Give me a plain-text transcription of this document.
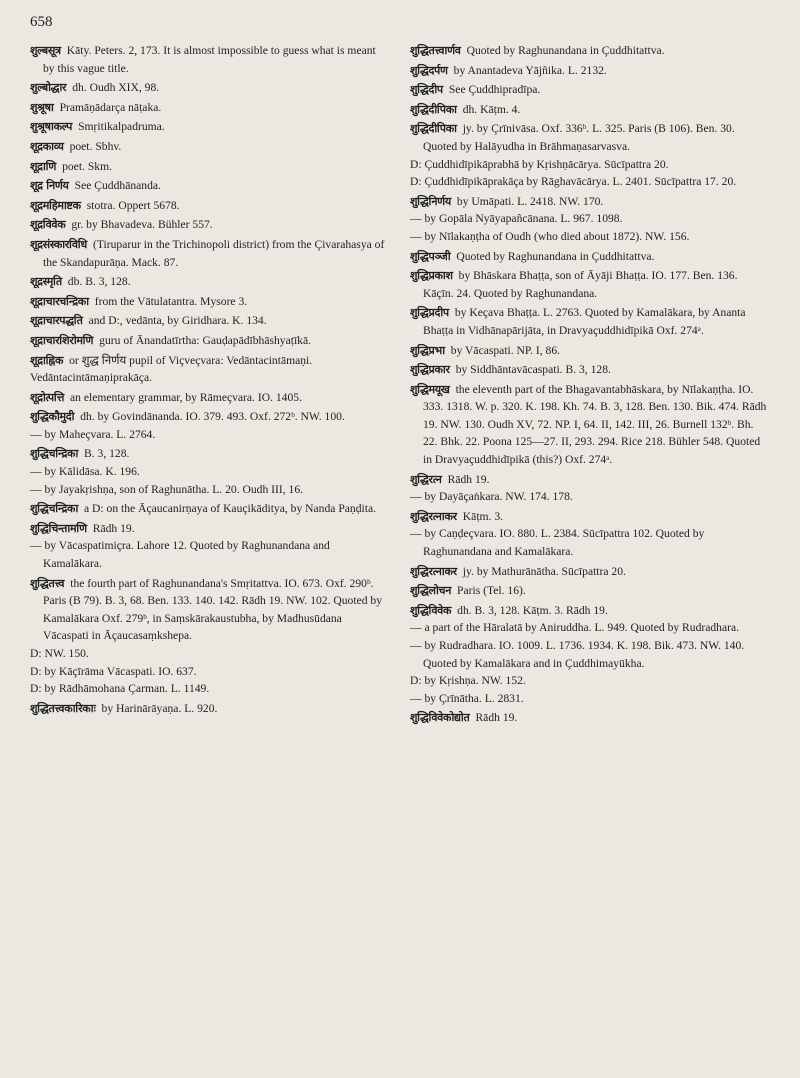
658
शुल्बसूत्र Kāty. Peters. 2, 173. It is almost impossible to guess what is meant by this vague title.
शुल्बोद्धार dh. Oudh XIX, 98.
शुश्रूषा Pramāṇādarça nāṭaka.
शुश्रूषाकल्प Smṛitikalpadruma.
शूद्रकाव्य poet. Sbhv.
शूद्राणि poet. Skm.
शूद्र निर्णय See Çuddhānanda.
शूद्रमहिमाष्टक stotra. Oppert 5678.
शूद्रविवेक gr. by Bhavadeva. Bühler 557.
शूद्रसंस्कारविधि (Tiruparur in the Trichinopoli district) from the Çivarahasya of the Skandapurāṇa. Mack. 87.
शूद्रस्मृति db. B. 3, 128.
शूद्राचारचन्द्रिका from the Vātulatantra. Mysore 3.
शूद्राचारपद्धति and D:, vedānta, by Giridhara. K. 134.
शूद्राचारशिरोमणि guru of Ānandatīrtha: Gauḍapādībhāshyaṭīkā.
शूद्राह्निक or शुद्ध निर्णय pupil of Viçveçvara: Vedāntacintāmaṇi.
Vedāntacintāmaṇiprakāça.
शूद्रोत्पत्ति an elementary grammar, by Rāmeçvara. IO. 1405.
शुद्धिकौमुदी dh. by Govindānanda. IO. 379. 493. Oxf. 272ᵇ. NW. 100.
— by Maheçvara. L. 2764.
शुद्धिचन्द्रिका B. 3, 128.
— by Kālidāsa. K. 196.
— by Jayakṛishṇa, son of Raghunātha. L. 20. Oudh III, 16.
शुद्धिचन्द्रिका a D: on the Āçaucanirṇaya of Kauçikāditya, by Nanda Paṇḍita.
शुद्धिचिन्तामणि Rādh 19.
— by Vācaspatimiçra. Lahore 12. Quoted by Raghunandana and Kamalākara.
शुद्धितत्त्व the fourth part of Raghunandana's Smṛitattva. IO. 673. Oxf. 290ᵇ. Paris (B 79). B. 3, 68. Ben. 133. 140. 142. Rādh 19. NW. 102. Quoted by Kamalākara Oxf. 279ᵇ, in Saṃskārakaustubha, by Madhusūdana Vācaspati in Āçaucasaṃkshepa.
D: NW. 150.
D: by Kāçīrāma Vācaspati. IO. 637.
D: by Rādhāmohana Çarman. L. 1149.
शुद्धितत्त्वकारिकाः by Harinārāyaṇa. L. 920.
शुद्धितत्त्वार्णव Quoted by Raghunandana in Çuddhitattva.
शुद्धिदर्पण by Anantadeva Yājñika. L. 2132.
शुद्धिदीप See Çuddhipradīpa.
शुद्धिदीपिका dh. Kāṭm. 4.
शुद्धिदीपिका jy. by Çrīnivāsa. Oxf. 336ᵇ. L. 325. Paris (B 106). Ben. 30. Quoted by Halāyudha in Brāhmaṇasarvasva.
D: Çuddhidīpikāprabhā by Kṛishṇācārya. Sūcīpattra 20.
D: Çuddhidīpikāprakāça by Rāghavācārya. L. 2401. Sūcīpattra 17. 20.
शुद्धिनिर्णय by Umāpati. L. 2418. NW. 170.
— by Gopāla Nyāyapañcānana. L. 967. 1098.
— by Nīlakaṇṭha of Oudh (who died about 1872). NW. 156.
शुद्धिपञ्जी Quoted by Raghunandana in Çuddhitattva.
शुद्धिप्रकाश by Bhāskara Bhaṭṭa, son of Āyāji Bhaṭṭa. IO. 177. Ben. 136. Kāçīn. 24. Quoted by Raghunandana.
शुद्धिप्रदीप by Keçava Bhaṭṭa. L. 2763. Quoted by Kamalākara, by Ananta Bhaṭṭa in Vidhānapārijāta, in Dravyaçuddhidīpikā Oxf. 274ᵃ.
शुद्धिप्रभा by Vācaspati. NP. I, 86.
शुद्धिप्रकार by Siddhāntavācaspati. B. 3, 128.
शुद्धिमयूख the eleventh part of the Bhagavantabhāskara, by Nīlakaṇṭha. IO. 333. 1318. W. p. 320. K. 198. Kh. 74. B. 3, 128. Ben. 130. Bik. 474. Rādh 19. NW. 130. Oudh XV, 72. NP. I, 64. II, 142. III, 26. Burnell 132ᵇ. Bh. 22. Bhk. 22. Poona 125—27. II, 293. 294. Rice 218. Bühler 548. Quoted in Dravyaçuddhidīpikā (this?) Oxf. 274ᵃ.
शुद्धिरत्न Rādh 19.
— by Dayāçaṅkara. NW. 174. 178.
शुद्धिरत्नाकर Kāṭm. 3.
— by Caṇḍeçvara. IO. 880. L. 2384. Sūcīpattra 102. Quoted by Raghunandana and Kamalākara.
शुद्धिरत्नाकर jy. by Mathurānātha. Sūcīpattra 20.
शुद्धिलोचन Paris (Tel. 16).
शुद्धिविवेक dh. B. 3, 128. Kāṭm. 3. Rādh 19.
— a part of the Hāralatā by Aniruddha. L. 949. Quoted by Rudradhara.
— by Rudradhara. IO. 1009. L. 1736. 1934. K. 198. Bik. 473. NW. 140. Quoted by Kamalākara and in Çuddhimayūkha.
D: by Kṛishṇa. NW. 152.
— by Çrīnātha. L. 2831.
शुद्धिविवेकोद्योत Rādh 19.
